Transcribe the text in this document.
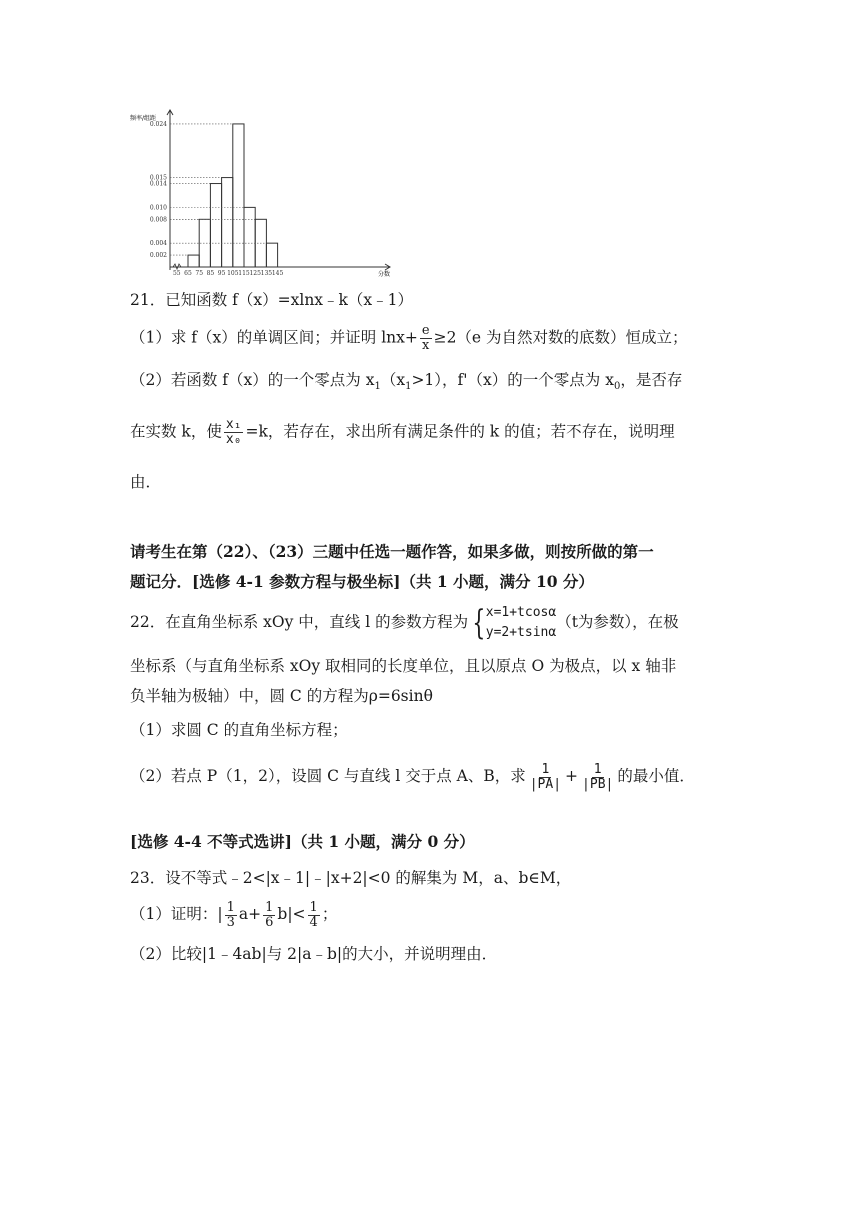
0.024
0.015
0.014
0.010
0.008
0.004
0.002
55 65 75 85 95 105 115 125 135 145
频率/组距
分数
21．已知函数 f（x）=xlnx﹣k（x﹣1）
（1）求 f（x）的单调区间；并证明 $\ln x+ \frac{e}{x} \ge 2(e$ 为自然对数的底数）恒成立；
（2）若函数 f（x）的一个零点为 $x_1(x_1>1)$，f'（x）的一个零点为 $x_0$，是否存
在实数 k，使 $\frac{\text{x₁}}{\text{x₀}} =k$，若存在，求出所有满足条件的 k 的值；若不存在，说明理
由．
请考生在第（22）、（23）三题中任选一题作答，如果多做，则按所做的第一
题记分．[选修 4-1 参数方程与极坐标]（共 1 小题，满分 10 分）
22．在直角坐标系 xOy 中，直线 l 的参数方程为 { x=1+tcosα
y=2+tsinα
（t为参数），在极
坐标系（与直角坐标系 xOy 取相同的长度单位，且以原点 O 为极点，以 x 轴非
负半轴为极轴）中，圆 C 的方程为ρ=6sinθ
（1）求圆 C 的直角坐标方程；
（2）若点 P（1，2），设圆 C 与直线 l 交于点 A、B，求 $\frac{1}{|PA|} + \frac{1}{|PB|}$ 的最小值．
[选修 4-4 不等式选讲]（共 1 小题，满分 0 分）
23．设不等式﹣2<|x﹣1|﹣|x+2|<0 的解集为 M，a、b∈M，
（1）证明：| $\frac{1}{3} a+ \frac{1}{6} b|< \frac{1}{4}$ ；
（2）比较|1﹣4ab|与 2|a﹣b|的大小，并说明理由．
